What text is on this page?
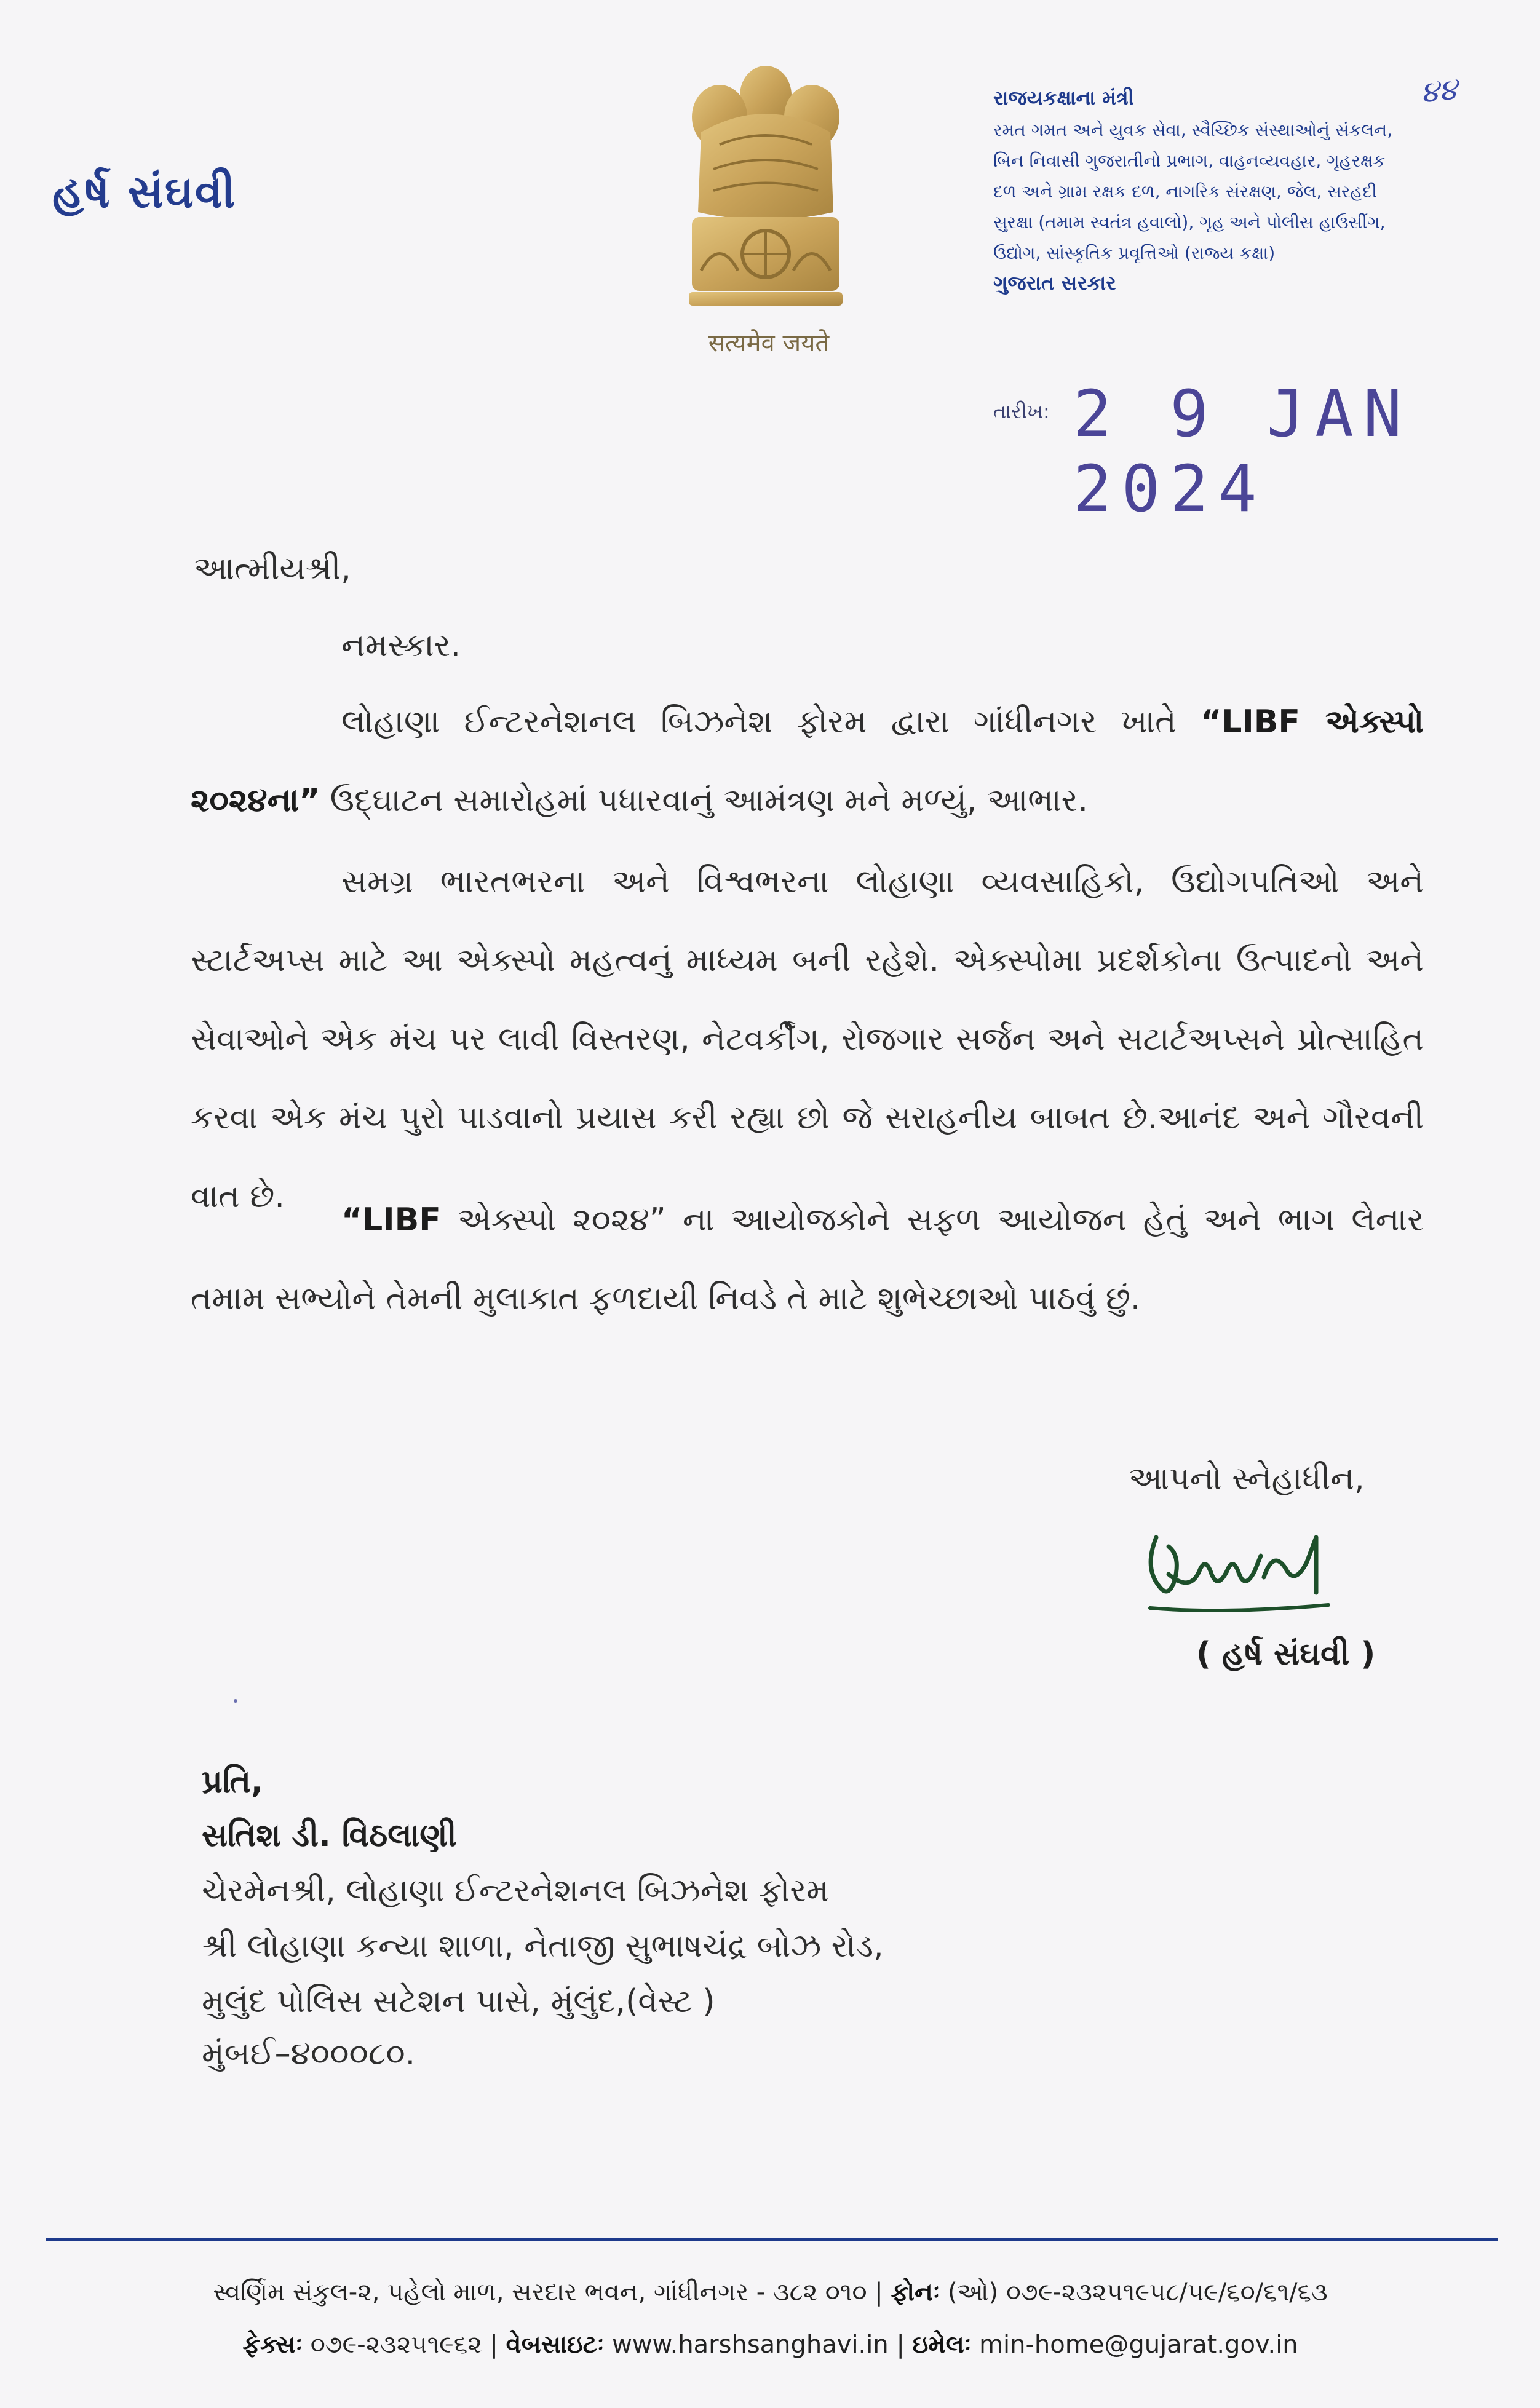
હર્ષ સંઘવી
सत्यमेव जयते
રાજયકક્ષાના મંત્રી
રમત ગમત અને યુવક સેવા, સ્વૈચ્છિક સંસ્થાઓનું સંકલન,
બિન નિવાસી ગુજરાતીનો પ્રભાગ, વાહનવ્યવહાર, ગૃહરક્ષક
દળ અને ગ્રામ રક્ષક દળ, નાગરિક સંરક્ષણ, જેલ, સરહદી
સુરક્ષા (તમામ સ્વતંત્ર હવાલો), ગૃહ અને પોલીસ હાઉસીંગ,
ઉદ્યોગ, સાંસ્કૃતિક પ્રવૃત્તિઓ (રાજ્ય કક્ષા)
ગુજરાત સરકાર
૪૪
તારીખ: 2 9 JAN 2024
આત્મીયશ્રી,
નમસ્કાર.
લોહાણા ઈન્ટરનેશનલ બિઝનેશ ફોરમ દ્વારા ગાંધીનગર ખાતે “LIBF એક્સ્પો ૨૦૨૪ના” ઉદ્ઘાટન સમારોહમાં પધારવાનું આમંત્રણ મને મળ્યું, આભાર.
સમગ્ર ભારતભરના અને વિશ્વભરના લોહાણા વ્યવસાહિકો, ઉદ્યોગપતિઓ અને સ્ટાર્ટઅપ્સ માટે આ એક્સ્પો મહત્વનું માધ્યમ બની રહેશે. એક્સ્પોમા પ્રદર્શકોના ઉત્પાદનો અને સેવાઓને એક મંચ પર લાવી વિસ્તરણ, નેટવર્કીંગ, રોજગાર સર્જન અને સટાર્ટઅપ્સને પ્રોત્સાહિત કરવા એક મંચ પુરો પાડવાનો પ્રયાસ કરી રહ્યા છો જે સરાહનીય બાબત છે.આનંદ અને ગૌરવની વાત છે.
“LIBF એક્સ્પો ૨૦૨૪” ના આયોજકોને સફળ આયોજન હેતું અને ભાગ લેનાર તમામ સભ્યોને તેમની મુલાકાત ફળદાયી નિવડે તે માટે શુભેચ્છાઓ પાઠવું છું.
આપનો સ્નેહાધીન,
( હર્ષ સંઘવી )
પ્રતિ,
સતિશ ડી. વિઠલાણી
ચેરમેનશ્રી, લોહાણા ઈન્ટરનેશનલ બિઝનેશ ફોરમ
શ્રી લોહાણા કન્યા શાળા, નેતાજી સુભાષચંદ્ર બોઝ રોડ,
મુલુંદ પોલિસ સટેશન પાસે, મુંલુંદ,(વેસ્ટ )
મુંબઈ–૪૦૦૦૮૦.
સ્વર્ણિમ સંકુલ-૨, પહેલો માળ, સરદાર ભવન, ગાંધીનગર - ૩૮૨ ૦૧૦ | ફોનઃ (ઓ) ૦૭૯-૨૩૨૫૧૯૫૮/૫૯/૬૦/૬૧/૬૩
ફેક્સઃ ૦૭૯-૨૩૨૫૧૯૬૨ | વેબસાઇટઃ www.harshsanghavi.in | ઇમેલઃ min-home@gujarat.gov.in
